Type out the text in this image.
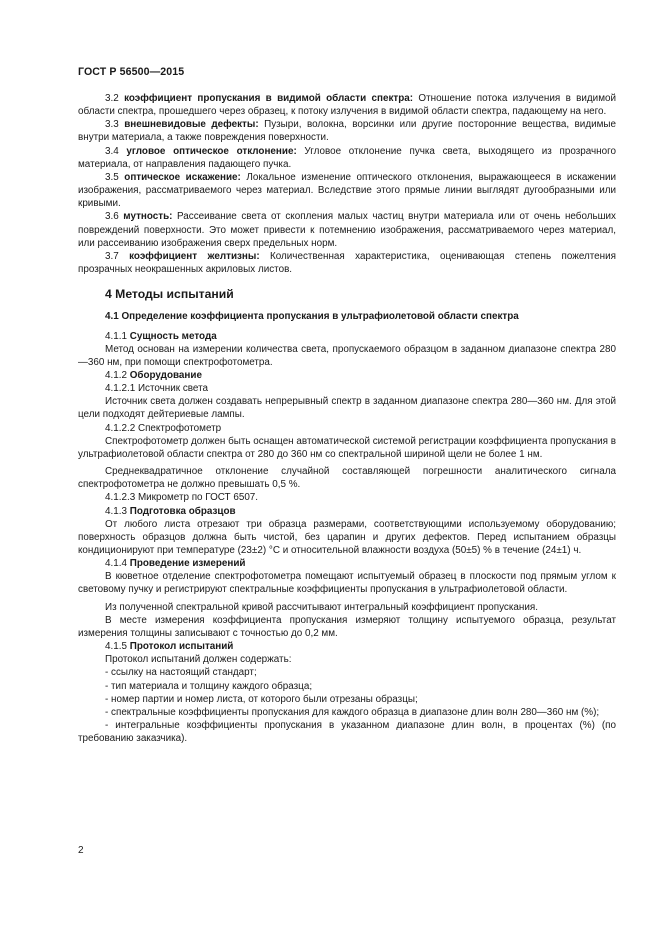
ГОСТ Р 56500—2015

3.2 коэффициент пропускания в видимой области спектра: Отношение потока излучения в видимой области спектра, прошедшего через образец, к потоку излучения в видимой области спектра, падающему на него.

3.3 внешневидовые дефекты: Пузыри, волокна, ворсинки или другие посторонние вещества, видимые внутри материала, а также повреждения поверхности.

3.4 угловое оптическое отклонение: Угловое отклонение пучка света, выходящего из прозрачного материала, от направления падающего пучка.

3.5 оптическое искажение: Локальное изменение оптического отклонения, выражающееся в искажении изображения, рассматриваемого через материал. Вследствие этого прямые линии выглядят дугообразными или кривыми.

3.6 мутность: Рассеивание света от скопления малых частиц внутри материала или от очень небольших повреждений поверхности. Это может привести к потемнению изображения, рассматриваемого через материал, или рассеиванию изображения сверх предельных норм.

3.7 коэффициент желтизны: Количественная характеристика, оценивающая степень пожелтения прозрачных неокрашенных акриловых листов.

4 Методы испытаний

4.1 Определение коэффициента пропускания в ультрафиолетовой области спектра

4.1.1 Сущность метода

Метод основан на измерении количества света, пропускаемого образцом в заданном диапазоне спектра 280—360 нм, при помощи спектрофотометра.

4.1.2 Оборудование

4.1.2.1 Источник света

Источник света должен создавать непрерывный спектр в заданном диапазоне спектра 280—360 нм. Для этой цели подходят дейтериевые лампы.

4.1.2.2 Спектрофотометр

Спектрофотометр должен быть оснащен автоматической системой регистрации коэффициента пропускания в ультрафиолетовой области спектра от 280 до 360 нм со спектральной шириной щели не более 1 нм.

Среднеквадратичное отклонение случайной составляющей погрешности аналитического сигнала спектрофотометра не должно превышать 0,5 %.

4.1.2.3 Микрометр по ГОСТ 6507.

4.1.3 Подготовка образцов

От любого листа отрезают три образца размерами, соответствующими используемому оборудованию; поверхность образцов должна быть чистой, без царапин и других дефектов. Перед испытанием образцы кондиционируют при температуре (23±2) °С и относительной влажности воздуха (50±5) % в течение (24±1) ч.

4.1.4 Проведение измерений

В кюветное отделение спектрофотометра помещают испытуемый образец в плоскости под прямым углом к световому пучку и регистрируют спектральные коэффициенты пропускания в ультрафиолетовой области.

Из полученной спектральной кривой рассчитывают интегральный коэффициент пропускания.

В месте измерения коэффициента пропускания измеряют толщину испытуемого образца, результат измерения толщины записывают с точностью до 0,2 мм.

4.1.5 Протокол испытаний

Протокол испытаний должен содержать:

- ссылку на настоящий стандарт;

- тип материала и толщину каждого образца;

- номер партии и номер листа, от которого были отрезаны образцы;

- спектральные коэффициенты пропускания для каждого образца в диапазоне длин волн 280—360 нм (%);

- интегральные коэффициенты пропускания в указанном диапазоне длин волн, в процентах (%) (по требованию заказчика).

2
